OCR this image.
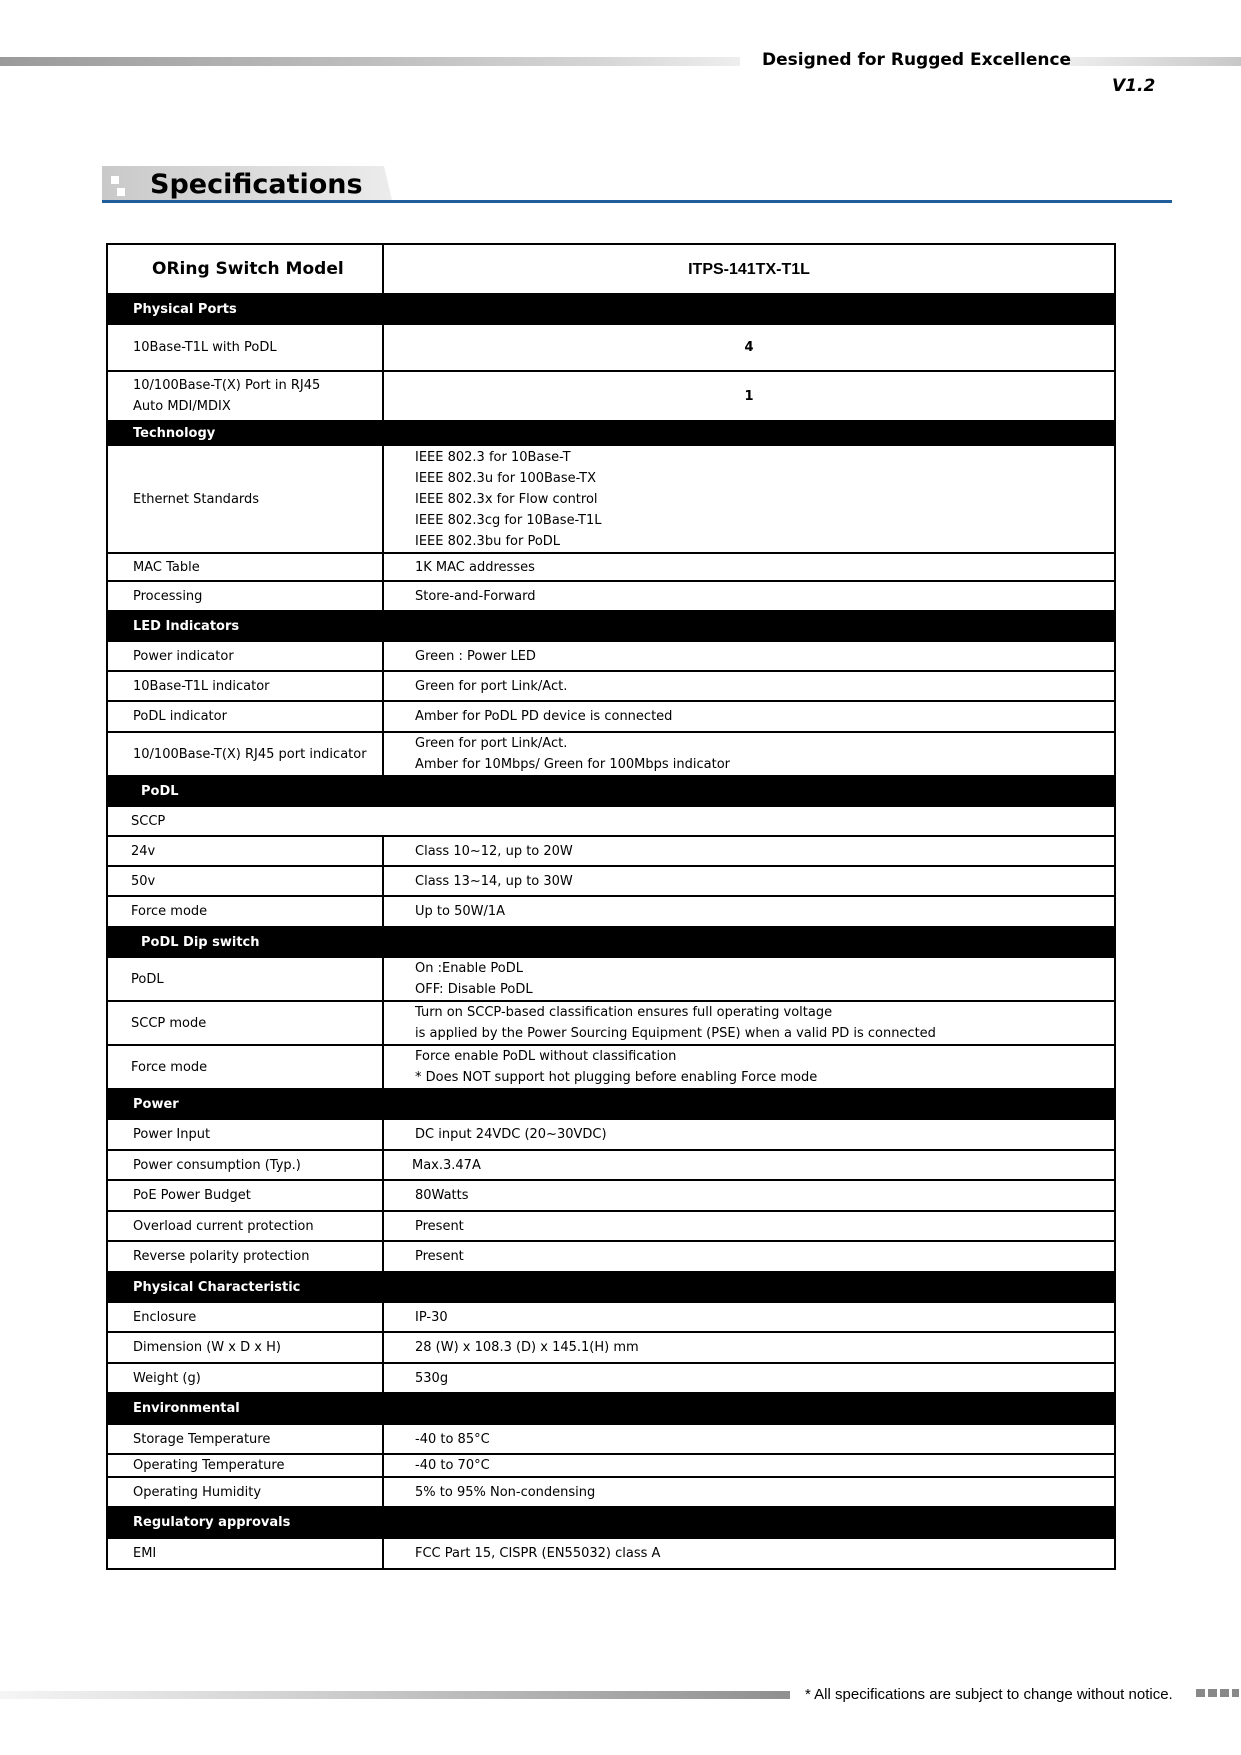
Designed for Rugged Excellence
V1.2
Specifications
ORing Switch Model	ITPS-141TX-T1L
Physical Ports	
10Base-T1L with PoDL	4

10/100Base-T(X) Port in RJ45
Auto MDI/MDIX	1
Technology	
Ethernet Standards	IEEE 802.3 for 10Base-T
IEEE 802.3u for 100Base-TX
IEEE 802.3x for Flow control
IEEE 802.3cg for 10Base-T1L
IEEE 802.3bu for PoDL

MAC Table	1K MAC addresses
Processing	Store-and-Forward
LED Indicators	
Power indicator	Green : Power LED
10Base-T1L indicator	Green for port Link/Act.
PoDL indicator	Amber for PoDL PD device is connected
10/100Base-T(X) RJ45 port indicator	Green for port Link/Act.
Amber for 10Mbps/ Green for 100Mbps indicator

PoDL	
SCCP	
24v	Class 10~12, up to 20W
50v	Class 13~14, up to 30W
Force mode	Up to 50W/1A
PoDL Dip switch	
PoDL	On :Enable PoDL
OFF: Disable PoDL

SCCP mode	Turn on SCCP-based classification ensures full operating voltage
is applied by the Power Sourcing Equipment (PSE) when a valid PD is connected

Force mode	Force enable PoDL without classification
* Does NOT support hot plugging before enabling Force mode

Power	
Power Input	DC input 24VDC (20~30VDC)
Power consumption (Typ.)	Max.3.47A
PoE Power Budget	80Watts
Overload current protection	Present
Reverse polarity protection	Present
Physical Characteristic	
Enclosure	IP-30
Dimension (W x D x H)	28 (W) x 108.3 (D) x 145.1(H) mm
Weight (g)	530g
Environmental	
Storage Temperature	-40 to 85°C
Operating Temperature	-40 to 70°C
Operating Humidity	5% to 95% Non-condensing
Regulatory approvals	
EMI	FCC Part 15, CISPR (EN55032) class A
* All specifications are subject to change without notice.
